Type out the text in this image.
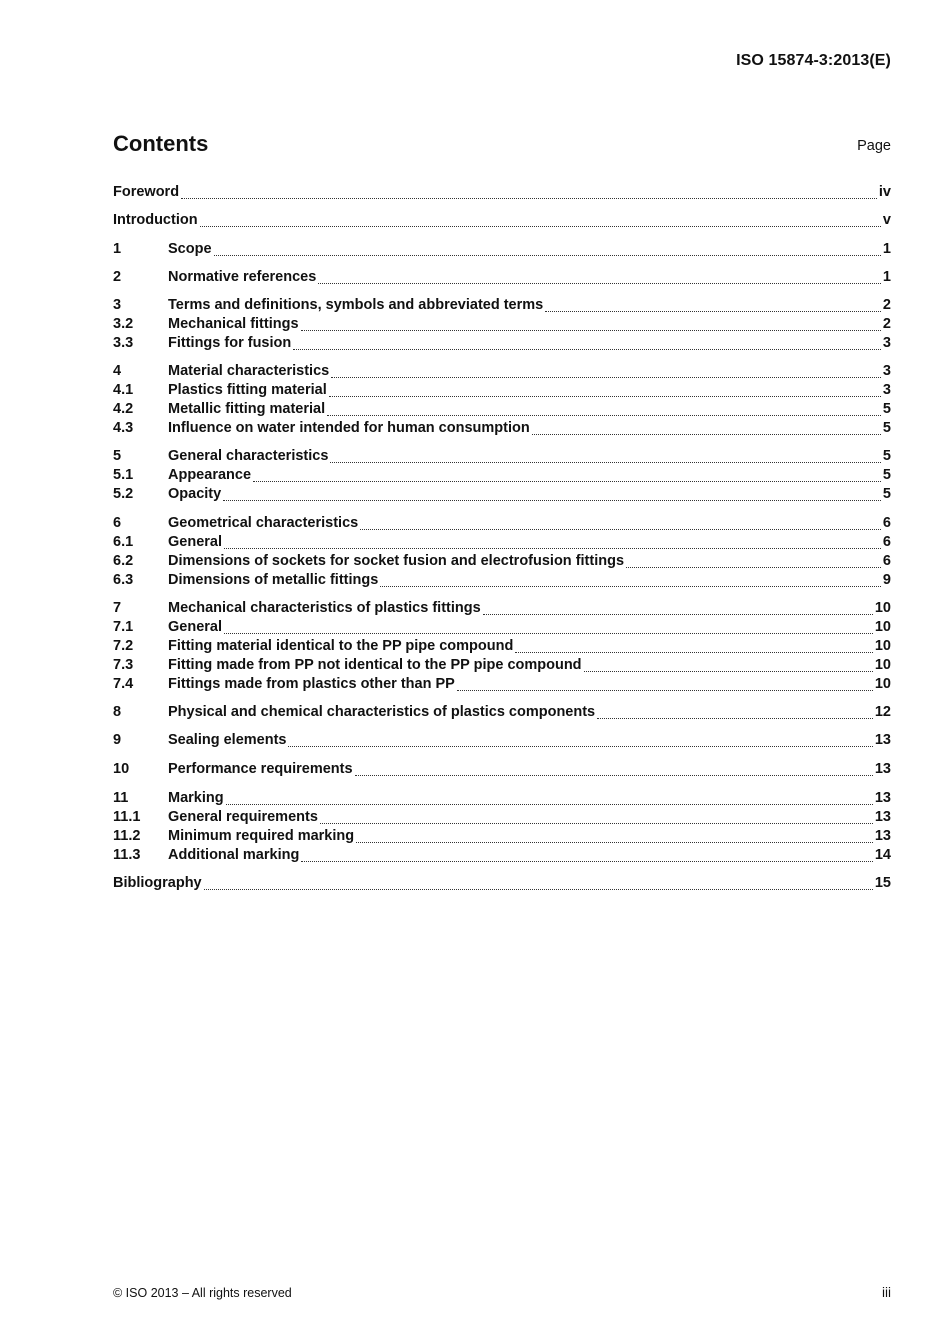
ISO 15874-3:2013(E)
Contents	Page
Foreword	iv
Introduction	v
1	Scope	1
2	Normative references	1
3	Terms and definitions, symbols and abbreviated terms	2
3.2	Mechanical fittings	2
3.3	Fittings for fusion	3
4	Material characteristics	3
4.1	Plastics fitting material	3
4.2	Metallic fitting material	5
4.3	Influence on water intended for human consumption	5
5	General characteristics	5
5.1	Appearance	5
5.2	Opacity	5
6	Geometrical characteristics	6
6.1	General	6
6.2	Dimensions of sockets for socket fusion and electrofusion fittings	6
6.3	Dimensions of metallic fittings	9
7	Mechanical characteristics of plastics fittings	10
7.1	General	10
7.2	Fitting material identical to the PP pipe compound	10
7.3	Fitting made from PP not identical to the PP pipe compound	10
7.4	Fittings made from plastics other than PP	10
8	Physical and chemical characteristics of plastics components	12
9	Sealing elements	13
10	Performance requirements	13
11	Marking	13
11.1	General requirements	13
11.2	Minimum required marking	13
11.3	Additional marking	14
Bibliography	15
© ISO 2013 – All rights reserved	iii
